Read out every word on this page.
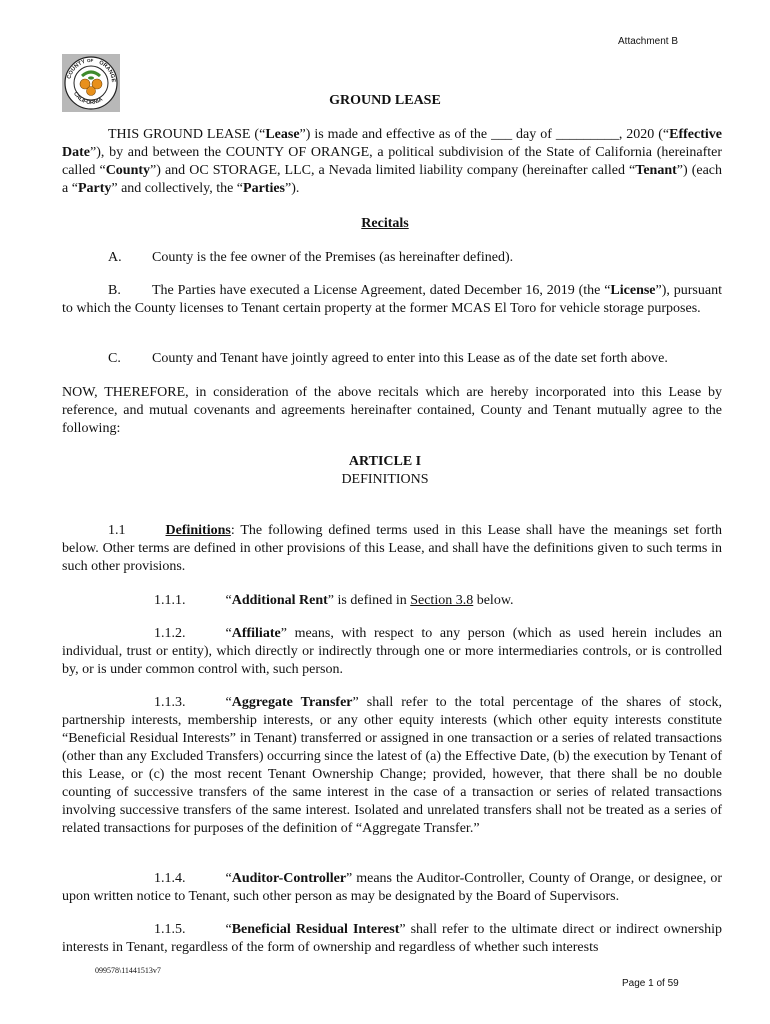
Attachment B
COUNTY ORANGE
OF
CALIFORNIA	GROUND LEASE
THIS GROUND LEASE (“Lease”) is made and effective as of the ___ day of _________, 2020 (“Effective Date”), by and between the COUNTY OF ORANGE, a political subdivision of the State of California (hereinafter called “County”) and OC STORAGE, LLC, a Nevada limited liability company (hereinafter called “Tenant”) (each a “Party” and collectively, the “Parties”).
Recitals
A. County is the fee owner of the Premises (as hereinafter defined).
B. The Parties have executed a License Agreement, dated December 16, 2019 (the “License”), pursuant to which the County licenses to Tenant certain property at the former MCAS El Toro for vehicle storage purposes.
C. County and Tenant have jointly agreed to enter into this Lease as of the date set forth above.
NOW, THEREFORE, in consideration of the above recitals which are hereby incorporated into this Lease by reference, and mutual covenants and agreements hereinafter contained, County and Tenant mutually agree to the following:
ARTICLE I
DEFINITIONS
1.1	Definitions: The following defined terms used in this Lease shall have the meanings set forth below. Other terms are defined in other provisions of this Lease, and shall have the definitions given to such terms in such other provisions.
1.1.1.	“Additional Rent” is defined in Section 3.8 below.
1.1.2.	“Affiliate” means, with respect to any person (which as used herein includes an individual, trust or entity), which directly or indirectly through one or more intermediaries controls, or is controlled by, or is under common control with, such person.
1.1.3.	“Aggregate Transfer” shall refer to the total percentage of the shares of stock, partnership interests, membership interests, or any other equity interests (which other equity interests constitute “Beneficial Residual Interests” in Tenant) transferred or assigned in one transaction or a series of related transactions (other than any Excluded Transfers) occurring since the latest of (a) the Effective Date, (b) the execution by Tenant of this Lease, or (c) the most recent Tenant Ownership Change; provided, however, that there shall be no double counting of successive transfers of the same interest in the case of a transaction or series of related transactions involving successive transfers of the same interest. Isolated and unrelated transfers shall not be treated as a series of related transactions for purposes of the definition of “Aggregate Transfer.”
1.1.4.	“Auditor-Controller” means the Auditor-Controller, County of Orange, or designee, or upon written notice to Tenant, such other person as may be designated by the Board of Supervisors.
1.1.5.	“Beneficial Residual Interest” shall refer to the ultimate direct or indirect ownership interests in Tenant, regardless of the form of ownership and regardless of whether such interests
099578\11441513v7
Page 1 of 59
